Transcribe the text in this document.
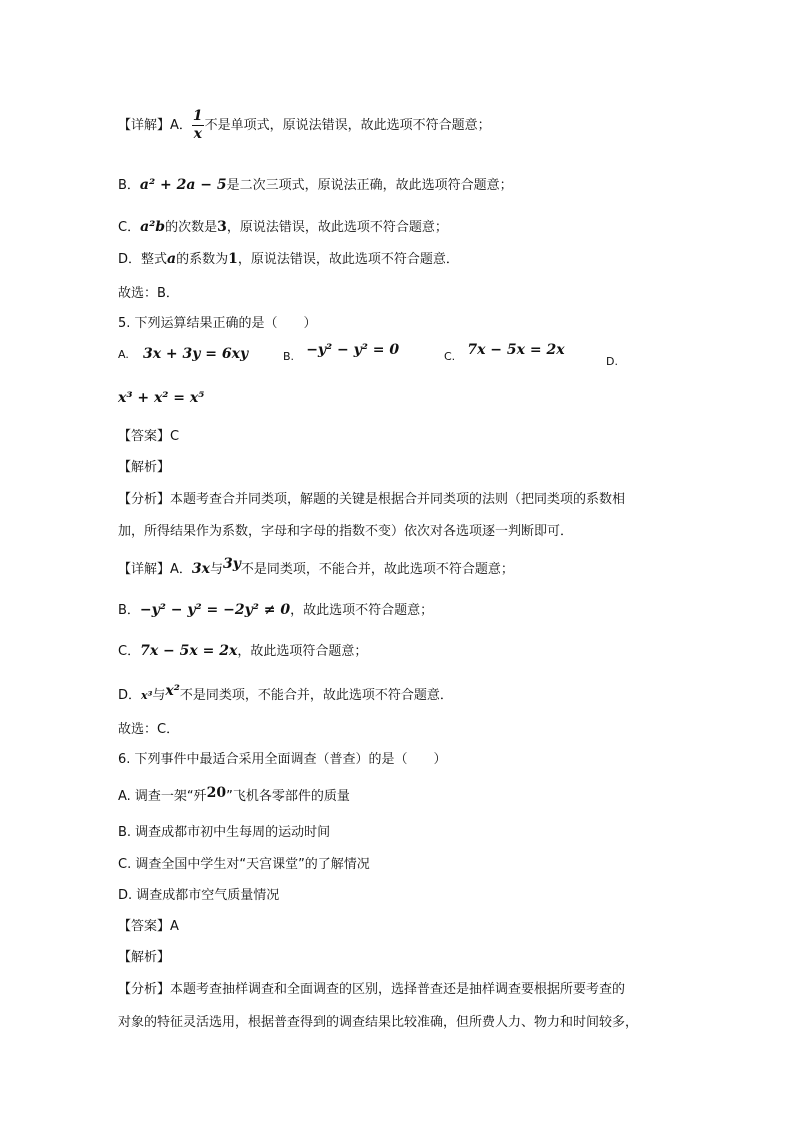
【详解】A． $\frac{1}{x}$ 不是单项式，原说法错误，故此选项不符合题意；
B．a² + 2a − 5是二次三项式，原说法正确，故此选项符合题意；
C．a²b的次数是3，原说法错误，故此选项不符合题意；
D．整式a的系数为1，原说法错误，故此选项不符合题意．
故选：B．
5. 下列运算结果正确的是（　　）
A. 3x + 3y = 6xy	B. −y² − y² = 0	C. 7x − 5x = 2x
D.
x³ + x² = x⁵
【答案】C
【解析】
【分析】本题考查合并同类项，解题的关键是根据合并同类项的法则（把同类项的系数相
加，所得结果作为系数，字母和字母的指数不变）依次对各选项逐一判断即可．
【详解】A．3x与3y不是同类项，不能合并，故此选项不符合题意；
B．−y² − y² = −2y² ≠ 0，故此选项不符合题意；
C．7x − 5x = 2x，故此选项符合题意；
D．x³与x²不是同类项，不能合并，故此选项不符合题意．
故选：C．
6. 下列事件中最适合采用全面调查（普查）的是（　　）
A. 调查一架“歼20”飞机各零部件的质量
B. 调查成都市初中生每周的运动时间
C. 调查全国中学生对“天宫课堂”的了解情况
D. 调查成都市空气质量情况
【答案】A
【解析】
【分析】本题考查抽样调查和全面调查的区别，选择普查还是抽样调查要根据所要考查的
对象的特征灵活选用，根据普查得到的调查结果比较准确，但所费人力、物力和时间较多，
